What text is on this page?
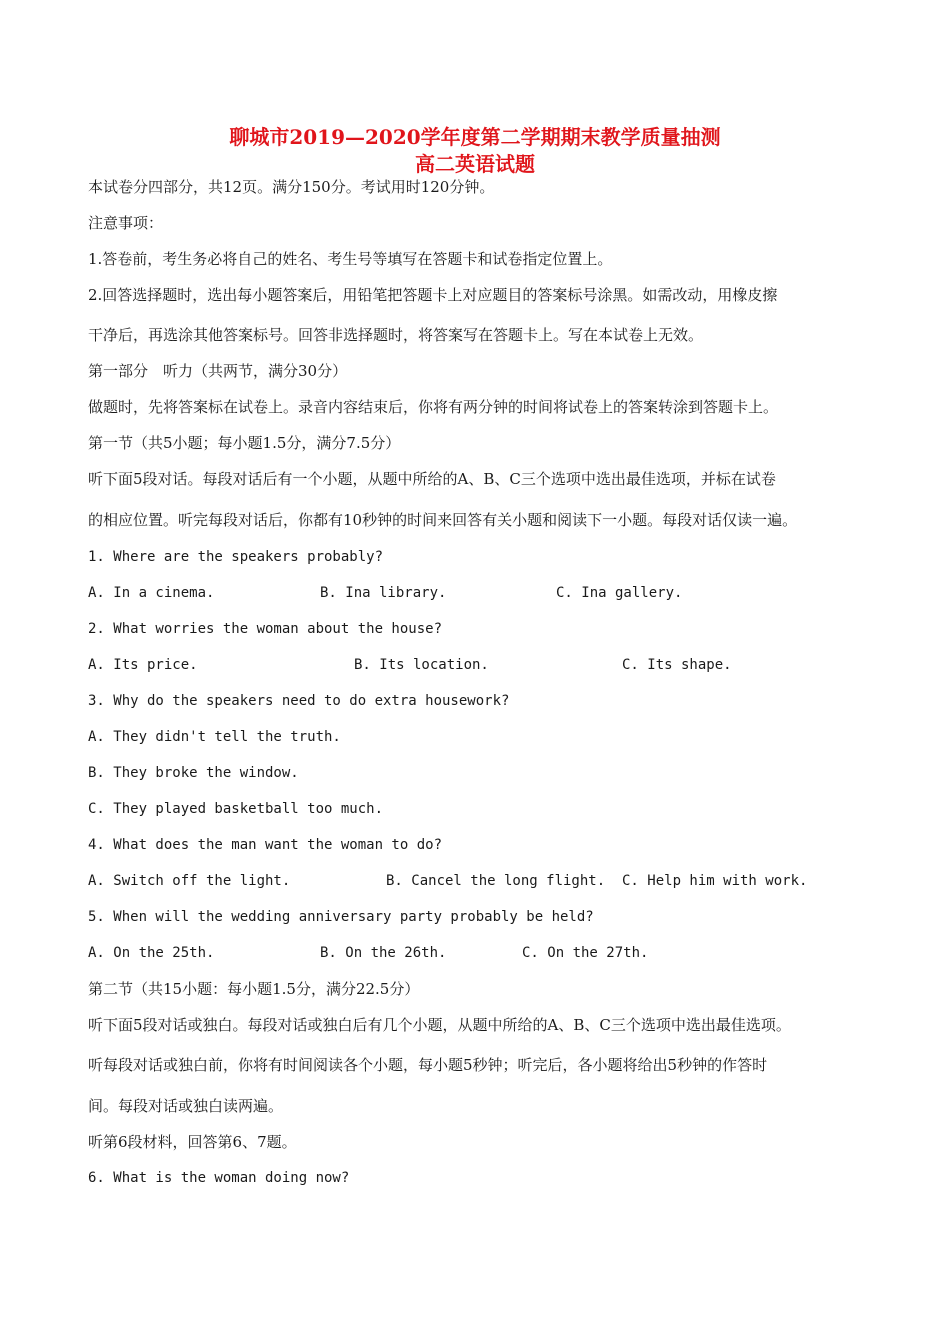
聊城市2019—2020学年度第二学期期末教学质量抽测
高二英语试题
本试卷分四部分，共12页。满分150分。考试用时120分钟。
注意事项：
1.答卷前，考生务必将自己的姓名、考生号等填写在答题卡和试卷指定位置上。
2.回答选择题时，选出每小题答案后，用铅笔把答题卡上对应题目的答案标号涂黑。如需改动，用橡皮擦
干净后，再选涂其他答案标号。回答非选择题时，将答案写在答题卡上。写在本试卷上无效。
第一部分　听力（共两节，满分30分）
做题时，先将答案标在试卷上。录音内容结束后，你将有两分钟的时间将试卷上的答案转涂到答题卡上。
第一节（共5小题；每小题1.5分，满分7.5分）
听下面5段对话。每段对话后有一个小题，从题中所给的A、B、C三个选项中选出最佳选项，并标在试卷
的相应位置。听完每段对话后，你都有10秒钟的时间来回答有关小题和阅读下一小题。每段对话仅读一遍。
1. Where are the speakers probably?
A. In a cinema.	B. Ina library.	C. Ina gallery.
2. What worries the woman about the house?
A. Its price.	B. Its location.	C. Its shape.
3. Why do the speakers need to do extra housework?
A. They didn't tell the truth.
B. They broke the window.
C. They played basketball too much.
4. What does the man want the woman to do?
A. Switch off the light.	B. Cancel the long flight. C. Help him with work.
5. When will the wedding anniversary party probably be held?
A. On the 25th.	B. On the 26th.	C. On the 27th.
第二节（共15小题：每小题1.5分，满分22.5分）
听下面5段对话或独白。每段对话或独白后有几个小题，从题中所给的A、B、C三个选项中选出最佳选项。
听每段对话或独白前，你将有时间阅读各个小题，每小题5秒钟；听完后，各小题将给出5秒钟的作答时
间。每段对话或独白读两遍。
听第6段材料，回答第6、7题。
6. What is the woman doing now?
